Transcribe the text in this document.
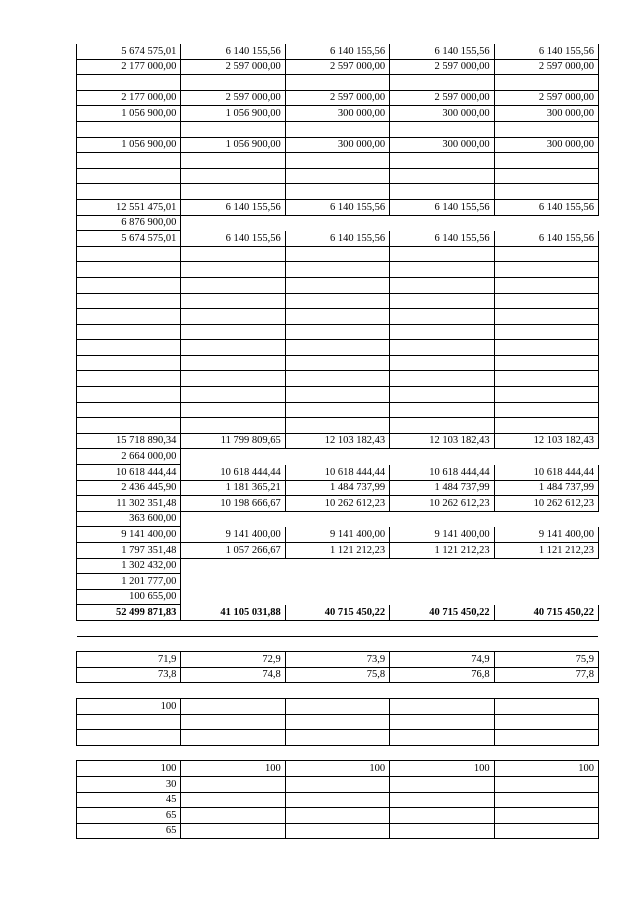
5 674 575,01	6 140 155,56	6 140 155,56	6 140 155,56	6 140 155,56
2 177 000,00	2 597 000,00	2 597 000,00	2 597 000,00	2 597 000,00

2 177 000,00	2 597 000,00	2 597 000,00	2 597 000,00	2 597 000,00
1 056 900,00	1 056 900,00	300 000,00	300 000,00	300 000,00

1 056 900,00	1 056 900,00	300 000,00	300 000,00	300 000,00

12 551 475,01	6 140 155,56	6 140 155,56	6 140 155,56	6 140 155,56
6 876 900,00				
5 674 575,01	6 140 155,56	6 140 155,56	6 140 155,56	6 140 155,56

15 718 890,34	11 799 809,65	12 103 182,43	12 103 182,43	12 103 182,43
2 664 000,00				
10 618 444,44	10 618 444,44	10 618 444,44	10 618 444,44	10 618 444,44
2 436 445,90	1 181 365,21	1 484 737,99	1 484 737,99	1 484 737,99
11 302 351,48	10 198 666,67	10 262 612,23	10 262 612,23	10 262 612,23
363 600,00				
9 141 400,00	9 141 400,00	9 141 400,00	9 141 400,00	9 141 400,00
1 797 351,48	1 057 266,67	1 121 212,23	1 121 212,23	1 121 212,23
1 302 432,00				
1 201 777,00				
100 655,00				
52 499 871,83	41 105 031,88	40 715 450,22	40 715 450,22	40 715 450,22

71,9	72,9	73,9	74,9	75,9
73,8	74,8	75,8	76,8	77,8

100				

100	100	100	100	100
30				
45				
65				
65				
